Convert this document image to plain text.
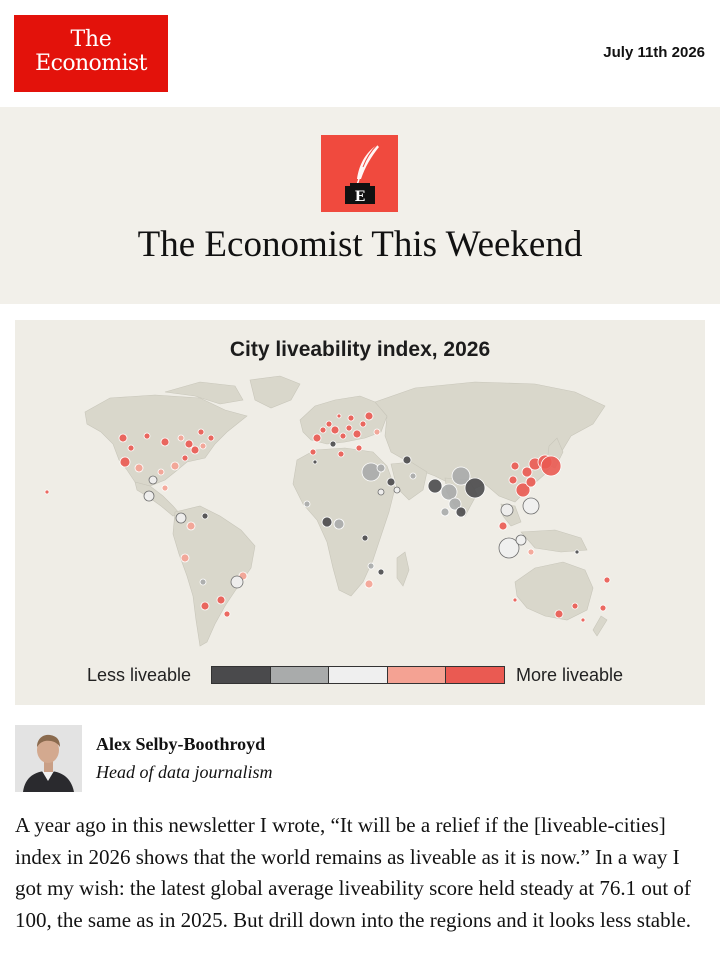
The
Economist	July 11th 2026
E
The Economist This Weekend
City liveability index, 2026
Less liveable	More liveable
Alex Selby-Boothroyd
Head of data journalism
A year ago in this newsletter I wrote, “It will be a relief if the [liveable-cities] index in 2026 shows that the world remains as liveable as it is now.” In a way I got my wish: the latest global average liveability score held steady at 76.1 out of 100, the same as in 2025. But drill down into the regions and it looks less stable.
